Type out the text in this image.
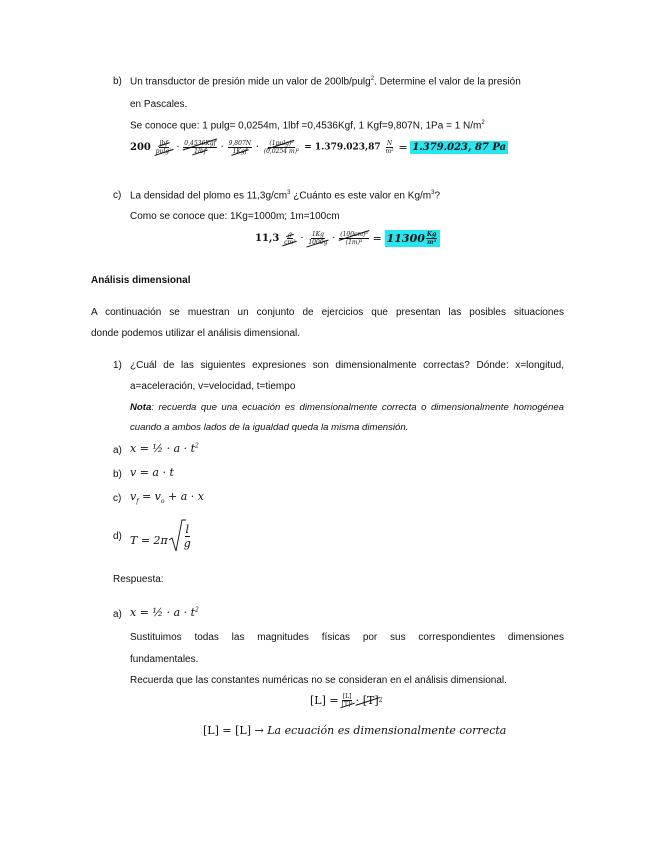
b) Un transductor de presión mide un valor de 200lb/pulg$^2$. Determine el valor de la presión
en Pascales.
Se conoce que: 1 pulg= 0,0254m, 1lbf =0,4536Kgf, 1 Kgf=9,807N, 1Pa = 1 $N/m^2$
$200 \frac{\text{lbf}}{\text{pulg²}} \cdot \frac{\text{0,4536Kgf}}{\text{1lbf}} \cdot \frac{9,807N}{\text{1Kgf}} \cdot \frac{\text{(1pulg)²}}{\text{(0,0254 m)²}} = 1.379.023,87 \frac{N}{\text{m²}} = 1.379.023$, 87 Pa
c) La densidad del plomo es $11,3g/cm^3$ ¿Cuánto es este valor en $Kg/m^3$?
Como se conoce que: 1Kg=1000m; 1m=100cm
$11,3 \frac{g}{\text{cm³}} \cdot \frac{1Kg}{1000g} \cdot \frac{\text{(100cm)³}}{\text{(1m)³}} = 11300 \frac{Kg}{\text{m³}}$
Análisis dimensional
A continuación se muestran un conjunto de ejercicios que presentan las posibles situaciones
donde podemos utilizar el análisis dimensional.
1) ¿Cuál de las siguientes expresiones son dimensionalmente correctas? Dónde: x=longitud,
a=aceleración, v=velocidad, t=tiempo
Nota: recuerda que una ecuación es dimensionalmente correcta o dimensionalmente homogénea
cuando a ambos lados de la igualdad queda la misma dimensión.
a) x = ½ · $a \cdot t^2$
b) v = a · t
c) $v_f = v_o + a \cdot x$
d) T = 2π
l
g
Respuesta:
a) x = ½ · $a \cdot t^2$
Sustituimos todas las magnitudes físicas por sus correspondientes dimensiones
fundamentales.
Recuerda que las constantes numéricas no se consideran en el análisis dimensional.
$[L] = \frac{[L]}{\text{[T]²}} \cdot [T]$ 2
[L] = [L] → La ecuación es dimensionalmente correcta
